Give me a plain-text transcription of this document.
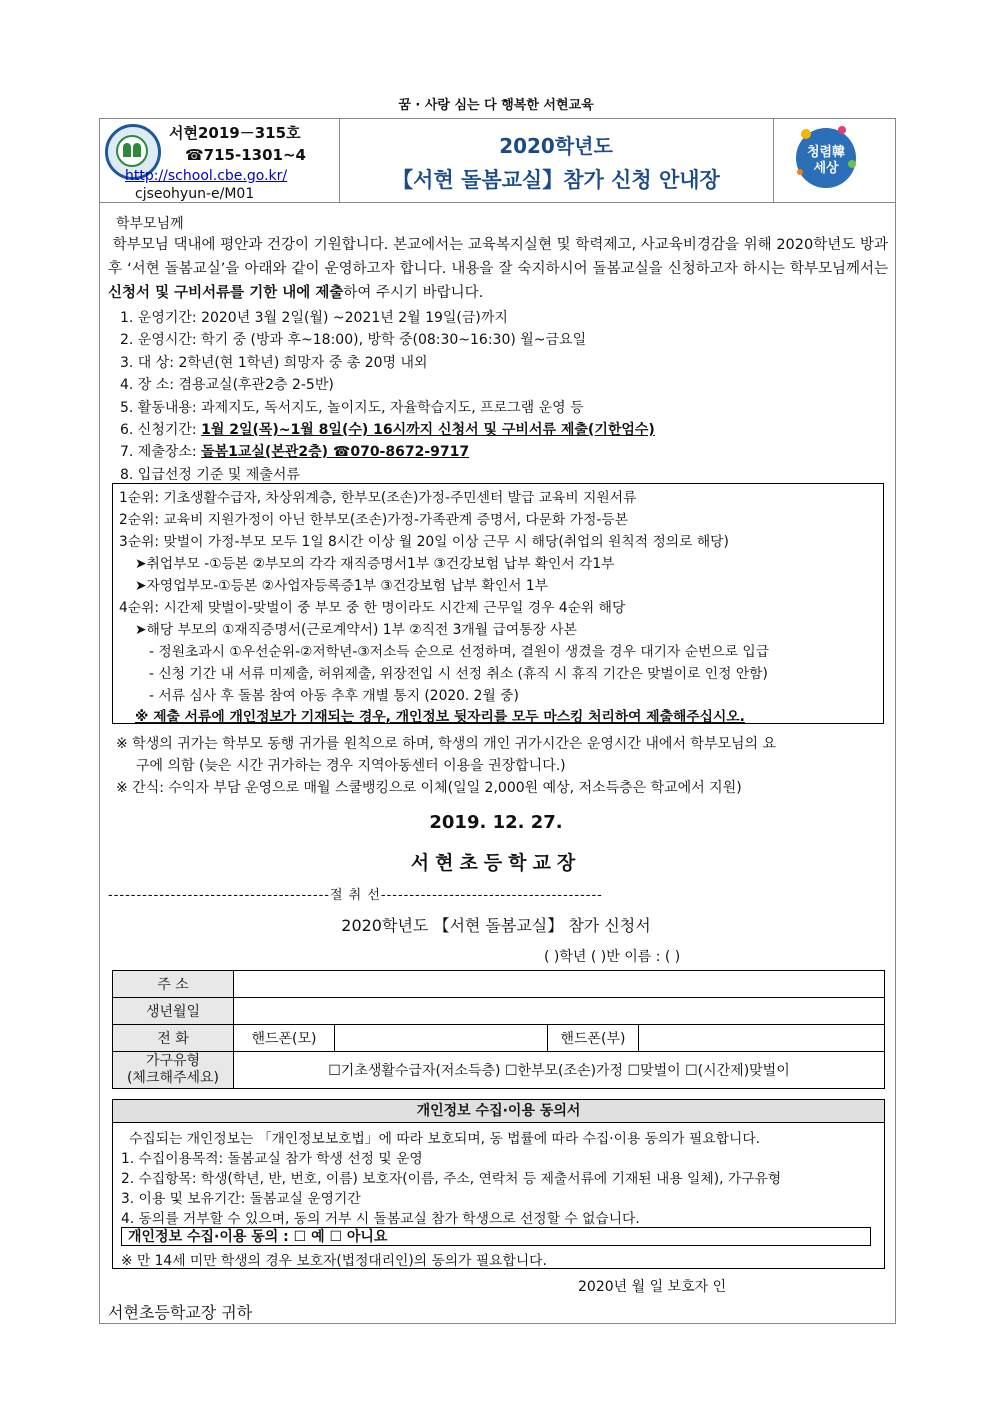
꿈 · 사랑 심는 다 행복한 서현교육
서현2019－315호
☎715-1301~4
http://school.cbe.go.kr/
cjseohyun-e/M01
2020학년도
【서현 돌봄교실】참가 신청 안내장
청렴韓
세상
학부모님께
학부모님 댁내에 평안과 건강이 기원합니다. 본교에서는 교육복지실현 및 학력제고, 사교육비경감을 위해 2020학년도 방과후 ‘서현 돌봄교실’을 아래와 같이 운영하고자 합니다. 내용을 잘 숙지하시어 돌봄교실을 신청하고자 하시는 학부모님께서는 신청서 및 구비서류를 기한 내에 제출하여 주시기 바랍니다.
1. 운영기간: 2020년 3월 2일(월) ~2021년 2월 19일(금)까지
2. 운영시간: 학기 중 (방과 후~18:00), 방학 중(08:30~16:30) 월~금요일
3. 대 상: 2학년(현 1학년) 희망자 중 총 20명 내외
4. 장 소: 겸용교실(후관2층 2-5반)
5. 활동내용: 과제지도, 독서지도, 놀이지도, 자율학습지도, 프로그램 운영 등
6. 신청기간: 1월 2일(목)~1월 8일(수) 16시까지 신청서 및 구비서류 제출(기한엄수)
7. 제출장소: 돌봄1교실(본관2층) ☎070-8672-9717
8. 입급선정 기준 및 제출서류
1순위: 기초생활수급자, 차상위계층, 한부모(조손)가정-주민센터 발급 교육비 지원서류
2순위: 교육비 지원가정이 아닌 한부모(조손)가정-가족관계 증명서, 다문화 가정-등본
3순위: 맞벌이 가정-부모 모두 1일 8시간 이상 월 20일 이상 근무 시 해당(취업의 원칙적 정의로 해당)
➤취업부모 -①등본 ②부모의 각각 재직증명서1부 ③건강보험 납부 확인서 각1부
➤자영업부모-①등본 ②사업자등록증1부 ③건강보험 납부 확인서 1부
4순위: 시간제 맞벌이-맞벌이 중 부모 중 한 명이라도 시간제 근무일 경우 4순위 해당
➤해당 부모의 ①재직증명서(근로계약서) 1부 ②직전 3개월 급여통장 사본
- 정원초과시 ①우선순위-②저학년-③저소득 순으로 선정하며, 결원이 생겼을 경우 대기자 순번으로 입급
- 신청 기간 내 서류 미제출, 허위제출, 위장전입 시 선정 취소 (휴직 시 휴직 기간은 맞벌이로 인정 안함)
- 서류 심사 후 돌봄 참여 아동 추후 개별 통지 (2020. 2월 중)
※ 제출 서류에 개인정보가 기재되는 경우, 개인정보 뒷자리를 모두 마스킹 처리하여 제출해주십시오.
※ 학생의 귀가는 학부모 동행 귀가를 원칙으로 하며, 학생의 개인 귀가시간은 운영시간 내에서 학부모님의 요
구에 의함 (늦은 시간 귀가하는 경우 지역아동센터 이용을 권장합니다.)
※ 간식: 수익자 부담 운영으로 매월 스쿨뱅킹으로 이체(일일 2,000원 예상, 저소득층은 학교에서 지원)
2019. 12. 27.
서현초등학교장
---------------------------------------절 취 선---------------------------------------
2020학년도 【서현 돌봄교실】 참가 신청서
( )학년 ( )반 이름 : ( )
주 소				
생년월일				
전 화	핸드폰(모)		핸드폰(부)	
가구유형
(체크해주세요)	☐기초생활수급자(저소득층) ☐한부모(조손)가정 ☐맞벌이 ☐(시간제)맞벌이			
개인정보 수집·이용 동의서
수집되는 개인정보는 「개인정보보호법」에 따라 보호되며, 동 법률에 따라 수집·이용 동의가 필요합니다.
1. 수집이용목적: 돌봄교실 참가 학생 선정 및 운영
2. 수집항목: 학생(학년, 반, 번호, 이름) 보호자(이름, 주소, 연락처 등 제출서류에 기재된 내용 일체), 가구유형
3. 이용 및 보유기간: 돌봄교실 운영기간
4. 동의를 거부할 수 있으며, 동의 거부 시 돌봄교실 참가 학생으로 선정할 수 없습니다.
개인정보 수집·이용 동의 : ☐ 예 ☐ 아니요
※ 만 14세 미만 학생의 경우 보호자(법정대리인)의 동의가 필요합니다.
2020년 월 일 보호자 인
서현초등학교장 귀하
